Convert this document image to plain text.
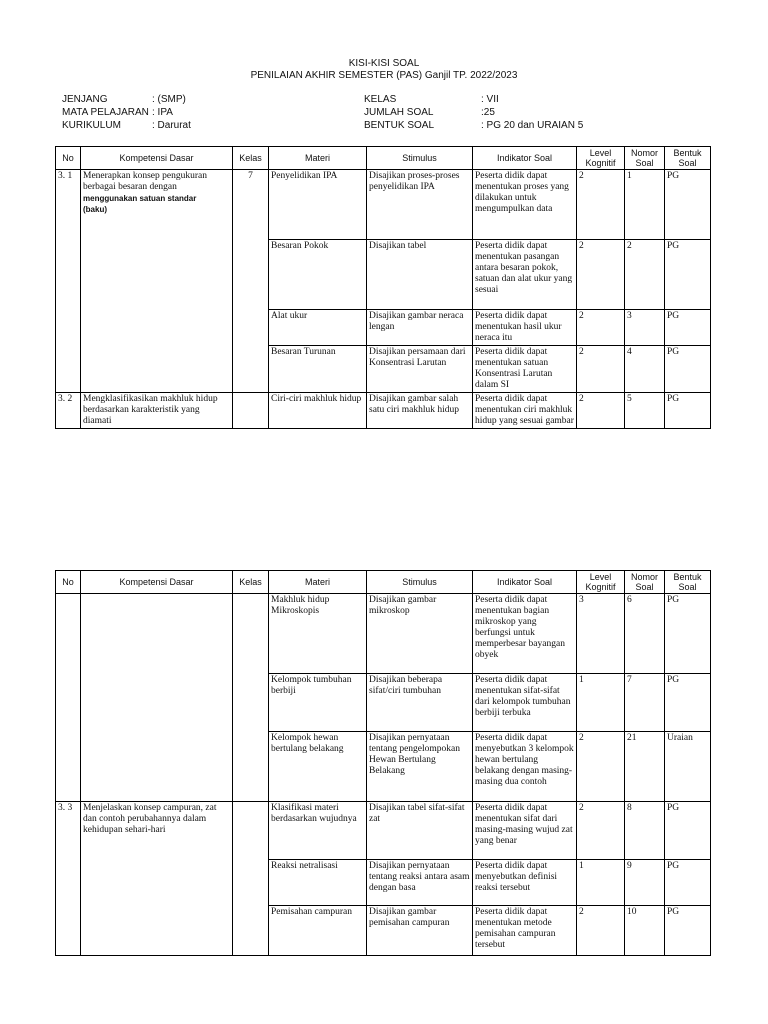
KISI-KISI SOAL
PENILAIAN AKHIR SEMESTER (PAS) Ganjil TP. 2022/2023
JENJANG	: (SMP)
MATA PELAJARAN : IPA
KURIKULUM	: Darurat
KELAS	: VII
JUMLAH SOAL	:25
BENTUK SOAL	: PG 20 dan URAIAN 5
No	Kompetensi Dasar	Kelas	Materi	Stimulus	Indikator Soal	Level Kognitif	Nomor Soal	Bentuk Soal
3. 1	Menerapkan konsep pengukuran
berbagai besaran dengan
menggunakan satuan standar
(baku)	7	Penyelidikan IPA	Disajikan proses-proses penyelidikan IPA	Peserta didik dapat menentukan proses yang dilakukan untuk mengumpulkan data	2	1	PG
			Besaran Pokok	Disajikan tabel	Peserta didik dapat menentukan pasangan antara besaran pokok, satuan dan alat ukur yang sesuai	2	2	PG
			Alat ukur	Disajikan gambar neraca lengan	Peserta didik dapat menentukan hasil ukur neraca itu	2	3	PG
			Besaran Turunan	Disajikan persamaan dari Konsentrasi Larutan	Peserta didik dapat menentukan satuan Konsentrasi Larutan dalam SI	2	4	PG
3. 2	Mengklasifikasikan makhluk hidup
berdasarkan karakteristik yang
diamati		Ciri-ciri makhluk hidup	Disajikan gambar salah satu ciri makhluk hidup	Peserta didik dapat menentukan ciri makhluk hidup yang sesuai gambar	2	5	PG
No	Kompetensi Dasar	Kelas	Materi	Stimulus	Indikator Soal	Level Kognitif	Nomor Soal	Bentuk Soal
			Makhluk hidup Mikroskopis	Disajikan gambar mikroskop	Peserta didik dapat menentukan bagian mikroskop yang berfungsi untuk memperbesar bayangan obyek	3	6	PG
			Kelompok tumbuhan berbiji	Disajikan beberapa sifat/ciri tumbuhan	Peserta didik dapat menentukan sifat-sifat dari kelompok tumbuhan berbiji terbuka	1	7	PG
			Kelompok hewan bertulang belakang	Disajikan pernyataan tentang pengelompokan Hewan Bertulang Belakang	Peserta didik dapat menyebutkan 3 kelompok hewan bertulang belakang dengan masing-masing dua contoh	2	21	Uraian
3. 3	Menjelaskan konsep campuran, zat dan contoh perubahannya dalam kehidupan sehari-hari		Klasifikasi materi berdasarkan wujudnya	Disajikan tabel sifat-sifat zat	Peserta didik dapat menentukan sifat dari masing-masing wujud zat yang benar	2	8	PG
			Reaksi netralisasi	Disajikan pernyataan tentang reaksi antara asam dengan basa	Peserta didik dapat menyebutkan definisi reaksi tersebut	1	9	PG
			Pemisahan campuran	Disajikan gambar pemisahan campuran	Peserta didik dapat menentukan metode pemisahan campuran tersebut	2	10	PG
